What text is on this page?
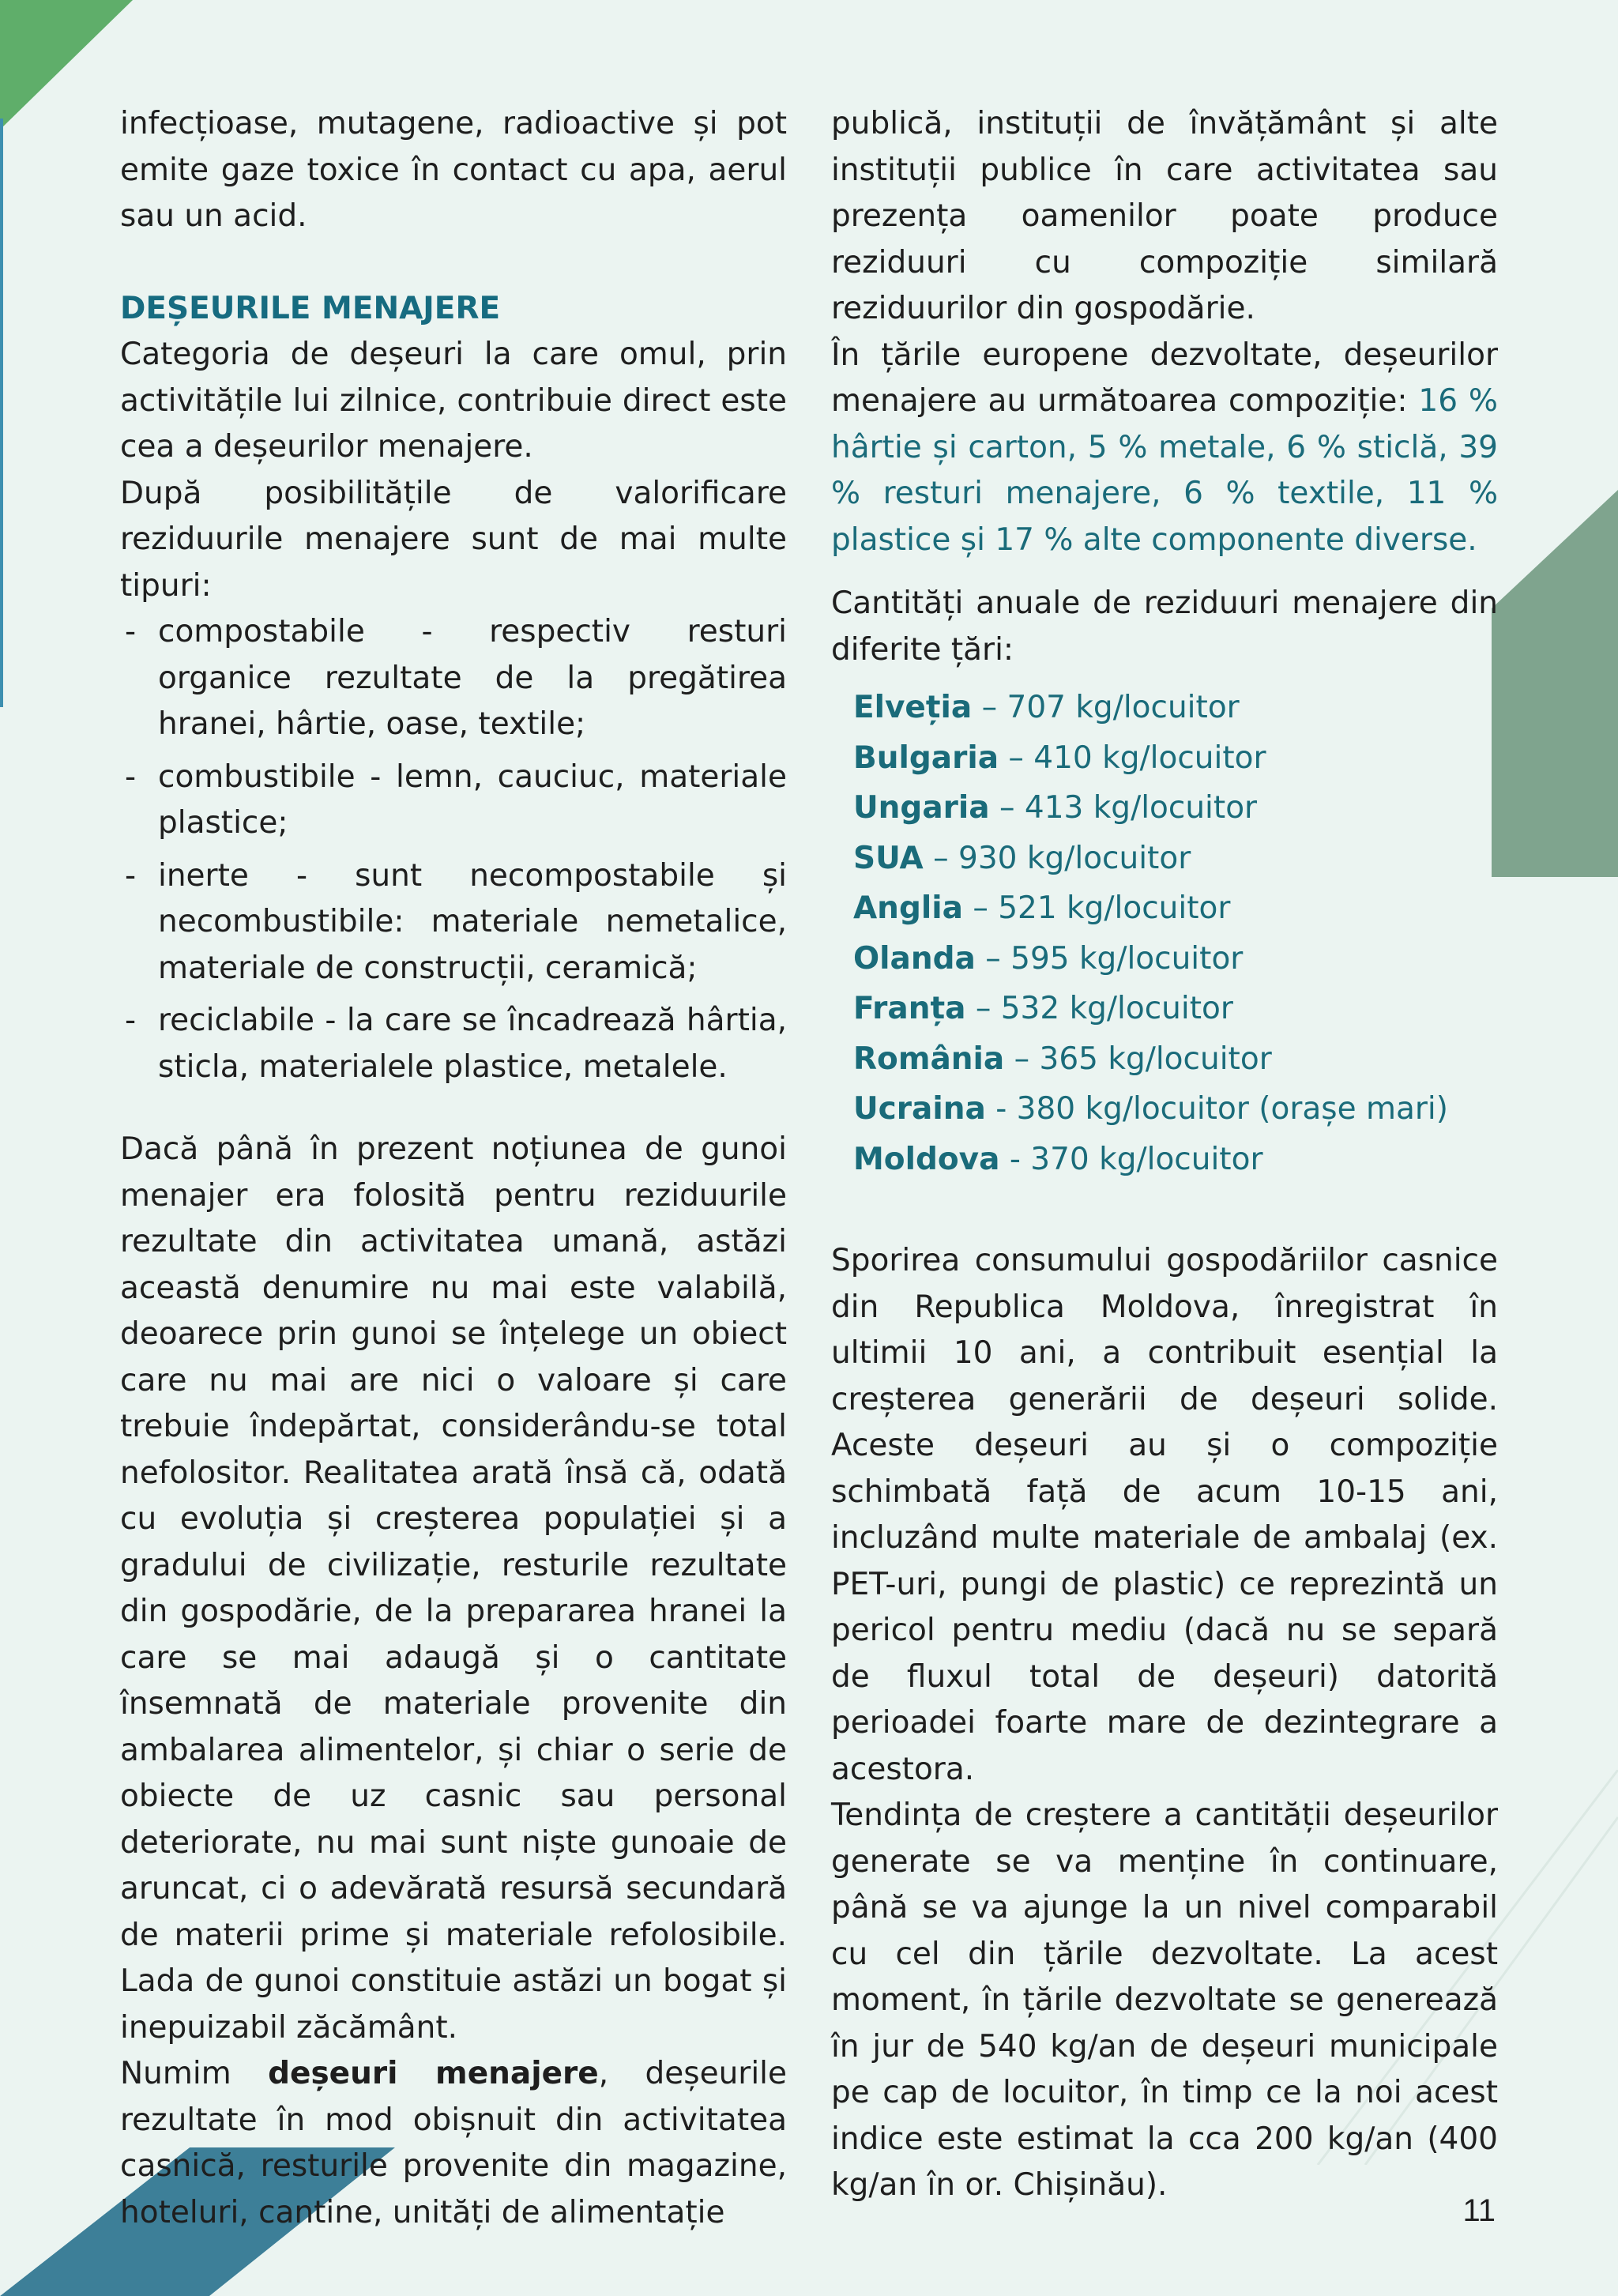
infecțioase, mutagene, radioactive și pot emite gaze toxice în contact cu apa, aerul sau un acid.

DEȘEURILE MENAJERE

Categoria de deșeuri la care omul, prin activitățile lui zilnice, contribuie direct este cea a deșeurilor menajere.

După posibilitățile de valorificare reziduurile menajere sunt de mai multe tipuri:

- compostabile - respectiv resturi organice rezultate de la pregătirea hranei, hârtie, oase, textile;
- combustibile - lemn, cauciuc, materiale plastice;
- inerte - sunt necompostabile și necombustibile: materiale nemetalice, materiale de construcții, ceramică;
- reciclabile - la care se încadrează hârtia, sticla, materialele plastice, metalele.

Dacă până în prezent noțiunea de gunoi menajer era folosită pentru reziduurile rezultate din activitatea umană, astăzi această denumire nu mai este valabilă, deoarece prin gunoi se înțelege un obiect care nu mai are nici o valoare și care trebuie îndepărtat, considerându-se total nefolositor. Realitatea arată însă că, odată cu evoluția și creșterea populației și a gradului de civilizație, resturile rezultate din gospodărie, de la prepararea hranei la care se mai adaugă și o cantitate însemnată de materiale provenite din ambalarea alimentelor, și chiar o serie de obiecte de uz casnic sau personal deteriorate, nu mai sunt niște gunoaie de aruncat, ci o adevărată resursă secundară de materii prime și materiale refolosibile. Lada de gunoi constituie astăzi un bogat și inepuizabil zăcământ.

Numim deșeuri menajere, deșeurile rezultate în mod obișnuit din activitatea casnică, resturile provenite din magazine, hoteluri, cantine, unități de alimentație

publică, instituții de învățământ și alte instituții publice în care activitatea sau prezența oamenilor poate produce reziduuri cu compoziție similară reziduurilor din gospodărie.

În țările europene dezvoltate, deșeurilor menajere au următoarea compoziție: 16 % hârtie și carton, 5 % metale, 6 % sticlă, 39 % resturi menajere, 6 % textile, 11 % plastice și 17 % alte componente diverse.

Cantități anuale de reziduuri menajere din diferite țări:

Elveția – 707 kg/locuitor
Bulgaria – 410 kg/locuitor
Ungaria – 413 kg/locuitor
SUA – 930 kg/locuitor
Anglia – 521 kg/locuitor
Olanda – 595 kg/locuitor
Franța – 532 kg/locuitor
România – 365 kg/locuitor
Ucraina - 380 kg/locuitor (orașe mari)
Moldova - 370 kg/locuitor

Sporirea consumului gospodăriilor casnice din Republica Moldova, înregistrat în ultimii 10 ani, a contribuit esențial la creșterea generării de deșeuri solide. Aceste deșeuri au și o compoziție schimbată față de acum 10-15 ani, incluzând multe materiale de ambalaj (ex. PET-uri, pungi de plastic) ce reprezintă un pericol pentru mediu (dacă nu se separă de fluxul total de deșeuri) datorită perioadei foarte mare de dezintegrare a acestora.

Tendința de creștere a cantității deșeurilor generate se va menține în continuare, până se va ajunge la un nivel comparabil cu cel din țările dezvoltate. La acest moment, în țările dezvoltate se generează în jur de 540 kg/an de deșeuri municipale pe cap de locuitor, în timp ce la noi acest indice este estimat la cca 200 kg/an (400 kg/an în or. Chișinău).

11
